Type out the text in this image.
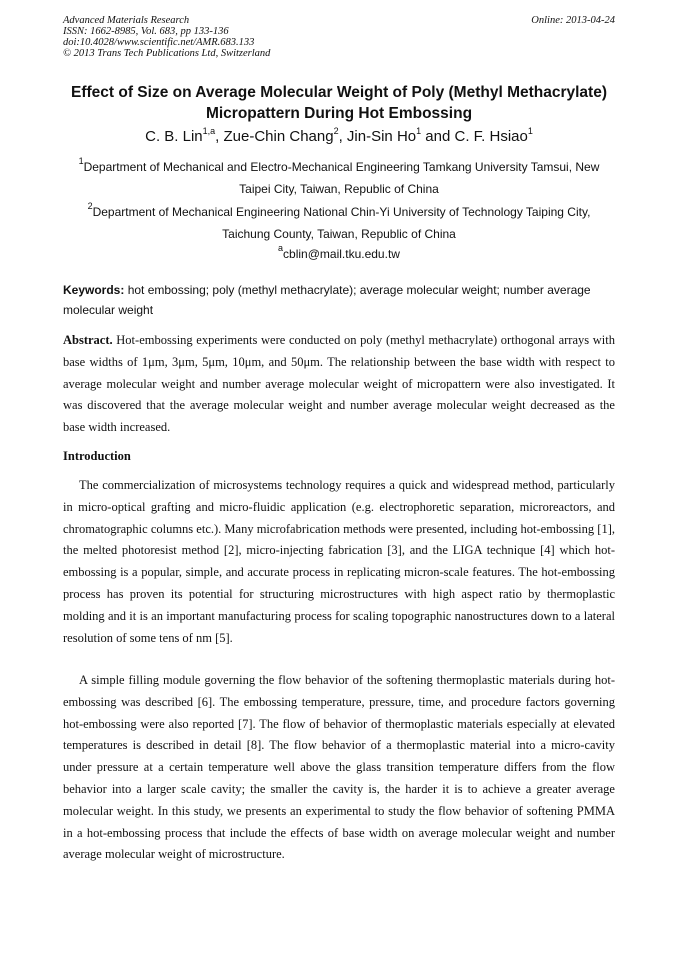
Advanced Materials Research	Online: 2013-04-24
ISSN: 1662-8985, Vol. 683, pp 133-136
doi:10.4028/www.scientific.net/AMR.683.133
© 2013 Trans Tech Publications Ltd, Switzerland
Effect of Size on Average Molecular Weight of Poly (Methyl Methacrylate)
Micropattern During Hot Embossing
C. B. Lin$^{1,a}$, Zue-Chin Chang$^2$, Jin-Sin Ho$^1$ and C. F. Hsiao$^1$
$^1$Department of Mechanical and Electro-Mechanical Engineering Tamkang University Tamsui, New
Taipei City, Taiwan, Republic of China
$^2$Department of Mechanical Engineering National Chin-Yi University of Technology Taiping City,
Taichung County, Taiwan, Republic of China
$^a$cblin@mail.tku.edu.tw
Keywords: hot embossing; poly (methyl methacrylate); average molecular weight; number average molecular weight
Abstract. Hot-embossing experiments were conducted on poly (methyl methacrylate) orthogonal arrays with base widths of 1μm, 3μm, 5μm, 10μm, and 50μm. The relationship between the base width with respect to average molecular weight and number average molecular weight of micropattern were also investigated. It was discovered that the average molecular weight and number average molecular weight decreased as the base width increased.
Introduction
The commercialization of microsystems technology requires a quick and widespread method, particularly in micro-optical grafting and micro-fluidic application (e.g. electrophoretic separation, microreactors, and chromatographic columns etc.). Many microfabrication methods were presented, including hot-embossing [1], the melted photoresist method [2], micro-injecting fabrication [3], and the LIGA technique [4] which hot-embossing is a popular, simple, and accurate process in replicating micron-scale features. The hot-embossing process has proven its potential for structuring microstructures with high aspect ratio by thermoplastic molding and it is an important manufacturing process for scaling topographic nanostructures down to a lateral resolution of some tens of nm [5].
A simple filling module governing the flow behavior of the softening thermoplastic materials during hot-embossing was described [6]. The embossing temperature, pressure, time, and procedure factors governing hot-embossing were also reported [7]. The flow of behavior of thermoplastic materials especially at elevated temperatures is described in detail [8]. The flow behavior of a thermoplastic material into a micro-cavity under pressure at a certain temperature well above the glass transition temperature differs from the flow behavior into a larger scale cavity; the smaller the cavity is, the harder it is to achieve a greater average molecular weight. In this study, we presents an experimental to study the flow behavior of softening PMMA in a hot-embossing process that include the effects of base width on average molecular weight and number average molecular weight of microstructure.
